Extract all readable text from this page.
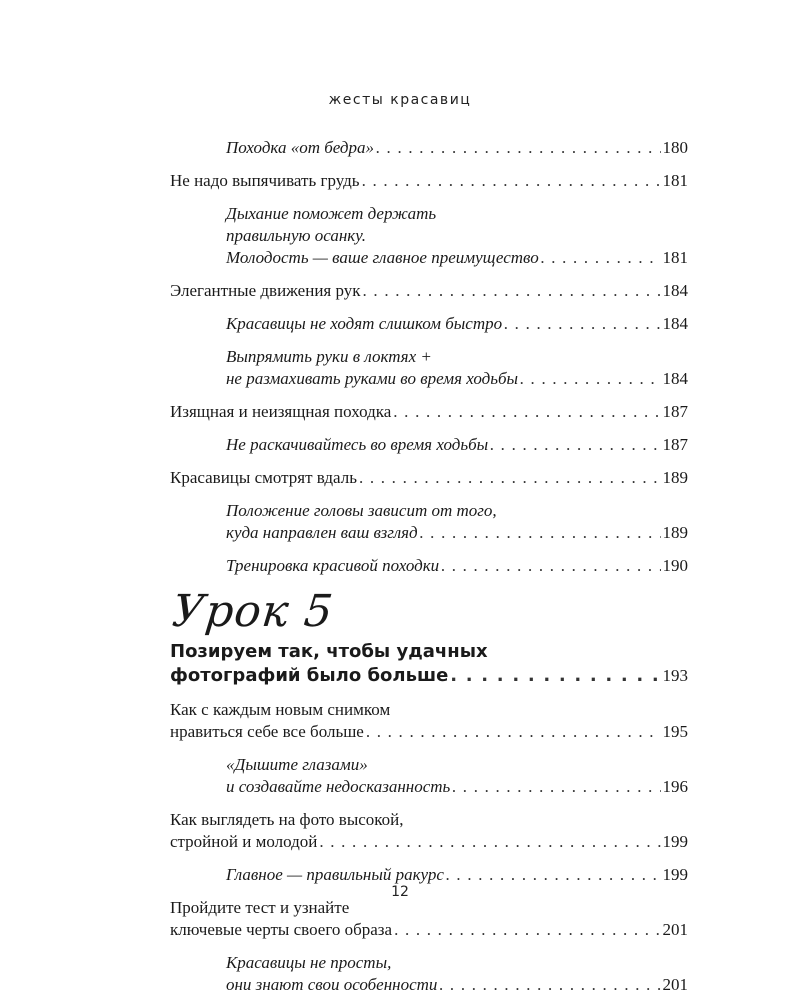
жесты красавиц
Походка «от бедра» . . .	180
Не надо выпячивать грудь . . .	181
Дыхание поможет держать
правильную осанку.
Молодость — ваше главное преимущество . . .	181
Элегантные движения рук . . .	184
Красавицы не ходят слишком быстро . . .	184
Выпрямить руки в локтях +
не размахивать руками во время ходьбы . . .	184
Изящная и неизящная походка . . .	187
Не раскачивайтесь во время ходьбы . . .	187
Красавицы смотрят вдаль . . .	189
Положение головы зависит от того,
куда направлен ваш взгляд . . .	189
Тренировка красивой походки . . .	190
Урок 5
Позируем так, чтобы удачных
фотографий было больше . . .	193
Как с каждым новым снимком
нравиться себе все больше . . .	195
«Дышите глазами»
и создавайте недосказанность . . .	196
Как выглядеть на фото высокой,
стройной и молодой . . .	199
Главное — правильный ракурс . . .	199
Пройдите тест и узнайте
ключевые черты своего образа . . .	201
Красавицы не просты,
они знают свои особенности . . .	201
12
